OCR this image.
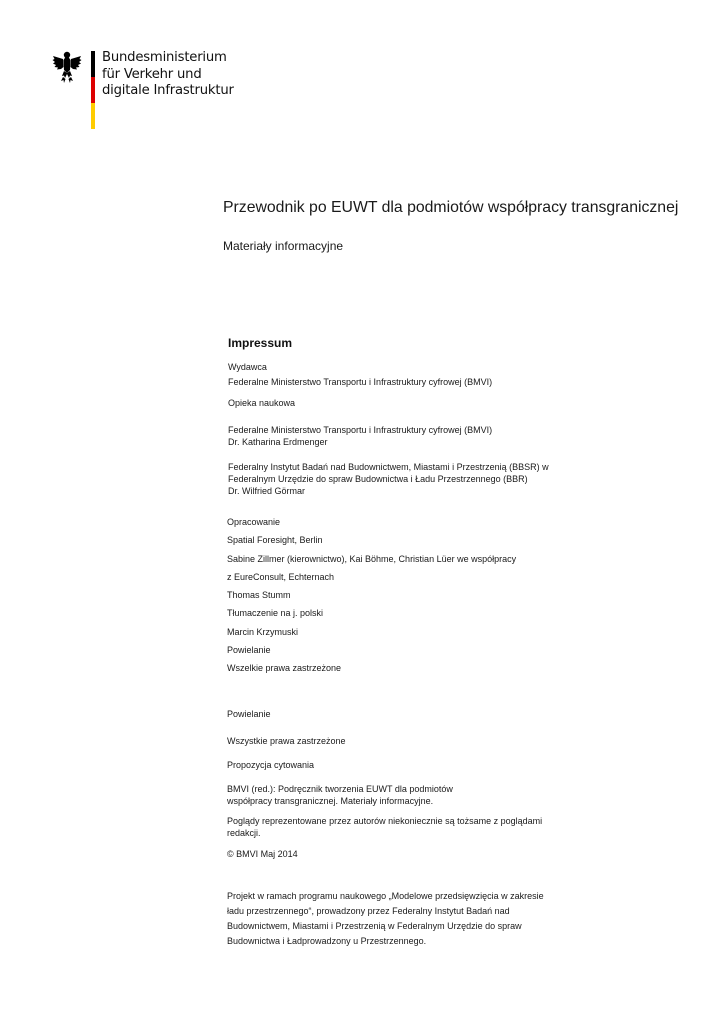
Bundesministerium
für Verkehr und
digitale Infrastruktur
Przewodnik po EUWT dla podmiotów współpracy transgranicznej
Materiały informacyjne
Impressum
Wydawca
Federalne Ministerstwo Transportu i Infrastruktury cyfrowej (BMVI)
Opieka naukowa
Federalne Ministerstwo Transportu i Infrastruktury cyfrowej (BMVI)
Dr. Katharina Erdmenger
Federalny Instytut Badań nad Budownictwem, Miastami i Przestrzenią (BBSR) w
Federalnym Urzędzie do spraw Budownictwa i Ładu Przestrzennego (BBR)
Dr. Wilfried Görmar
Opracowanie
Spatial Foresight, Berlin
Sabine Zillmer (kierownictwo), Kai Böhme, Christian Lüer we współpracy
z EureConsult, Echternach
Thomas Stumm
Tłumaczenie na j. polski
Marcin Krzymuski
Powielanie
Wszelkie prawa zastrzeżone
Powielanie
Wszystkie prawa zastrzeżone
Propozycja cytowania
BMVI (red.): Podręcznik tworzenia EUWT dla podmiotów
współpracy transgranicznej. Materiały informacyjne.
Poglądy reprezentowane przez autorów niekoniecznie są tożsame z poglądami
redakcji.
© BMVI Maj 2014
Projekt w ramach programu naukowego „Modelowe przedsięwzięcia w zakresie
ładu przestrzennego“, prowadzony przez Federalny Instytut Badań nad
Budownictwem, Miastami i Przestrzenią w Federalnym Urzędzie do spraw
Budownictwa i Ładprowadzony u Przestrzennego.
